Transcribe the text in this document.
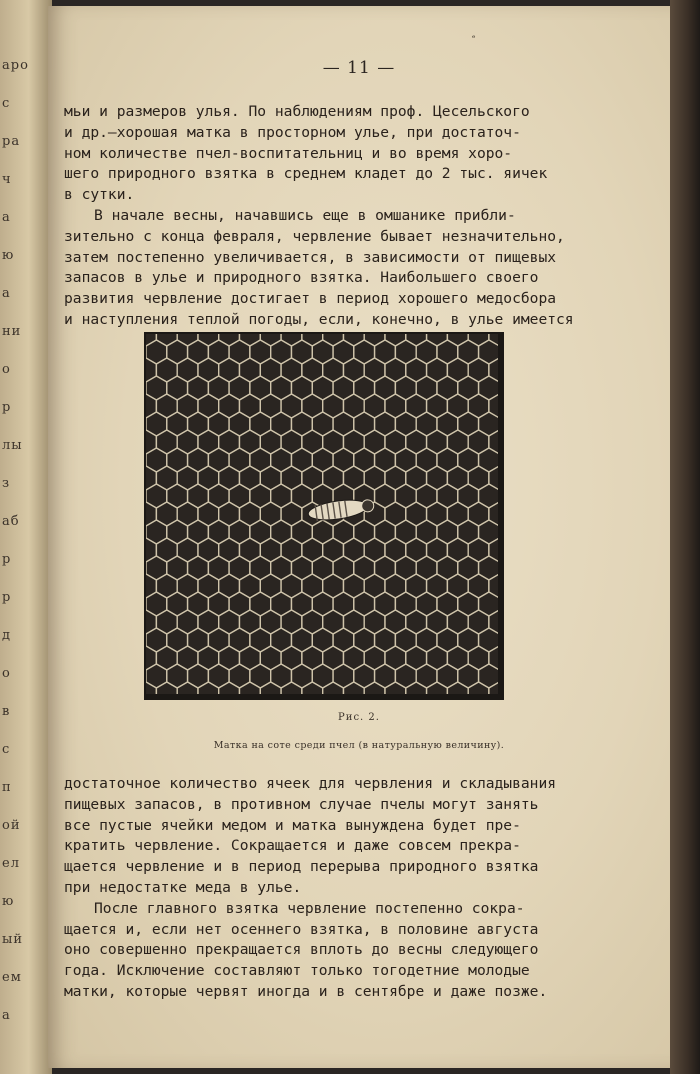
аро
с
ра
ч
а
ю
а
ни
о
р
лы
з
аб
р
р
д
о
в
с
п
ой
ел
ю
ый
ем
а
ᵉ
— 11 —
мьи и размеров улья. По наблюдениям проф. Цесельского
и др.—хорошая матка в просторном улье, при достаточ-
ном количестве пчел-воспитательниц и во время хоро-
шего природного взятка в среднем кладет до 2 тыс. яичек
в сутки.
В начале весны, начавшись еще в омшанике прибли-
зительно с конца февраля, червление бывает незначительно,
затем постепенно увеличивается, в зависимости от пищевых
запасов в улье и природного взятка. Наибольшего своего
развития червление достигает в период хорошего медосбора
и наступления теплой погоды, если, конечно, в улье имеется
Рис. 2.
Матка на соте среди пчел (в натуральную величину).
достаточное количество ячеек для червления и складывания
пищевых запасов, в противном случае пчелы могут занять
все пустые ячейки медом и матка вынуждена будет пре-
кратить червление. Сокращается и даже совсем прекра-
щается червление и в период перерыва природного взятка
при недостатке меда в улье.
После главного взятка червление постепенно сокра-
щается и, если нет осеннего взятка, в половине августа
оно совершенно прекращается вплоть до весны следующего
года. Исключение составляют только тогодетние молодые
матки, которые червят иногда и в сентябре и даже позже.
